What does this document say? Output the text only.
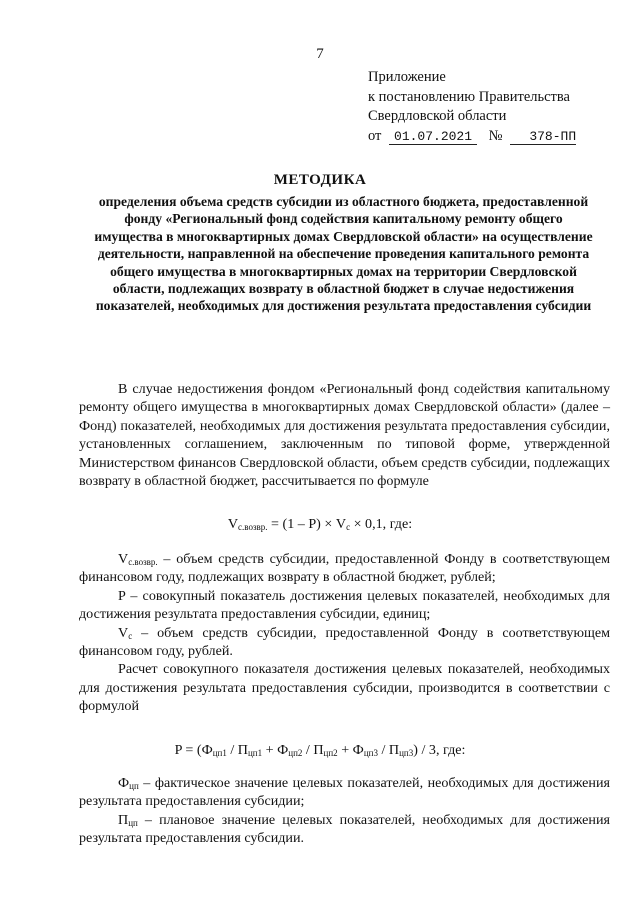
7
Приложение
к постановлению Правительства
Свердловской области
от 01.07.2021 № 378-ПП
МЕТОДИКА
определения объема средств субсидии из областного бюджета, предоставленной фонду «Региональный фонд содействия капитальному ремонту общего имущества в многоквартирных домах Свердловской области» на осуществление деятельности, направленной на обеспечение проведения капитального ремонта общего имущества в многоквартирных домах на территории Свердловской области, подлежащих возврату в областной бюджет в случае недостижения показателей, необходимых для достижения результата предоставления субсидии

В случае недостижения фондом «Региональный фонд содействия капитальному ремонту общего имущества в многоквартирных домах Свердловской области» (далее – Фонд) показателей, необходимых для достижения результата предоставления субсидии, установленных соглашением, заключенным по типовой форме, утвержденной Министерством финансов Свердловской области, объем средств субсидии, подлежащих возврату в областной бюджет, рассчитывается по формуле

$V_{с.возвр.} = (1 - P) \times V_с \times 0,1$, где:

$V_{с.возвр.}$ – объем средств субсидии, предоставленной Фонду в соответствующем финансовом году, подлежащих возврату в областной бюджет, рублей;

P – совокупный показатель достижения целевых показателей, необходимых для достижения результата предоставления субсидии, единиц;

$V_с$ – объем средств субсидии, предоставленной Фонду в соответствующем финансовом году, рублей.

Расчет совокупного показателя достижения целевых показателей, необходимых для достижения результата предоставления субсидии, производится в соответствии с формулой

$P = (Ф_{цп1} / П_{цп1} + Ф_{цп2} / П_{цп2} + Ф_{цп3} / П_{цп3}) / 3$, где:

$Ф_{цп}$ – фактическое значение целевых показателей, необходимых для достижения результата предоставления субсидии;

$П_{цп}$ – плановое значение целевых показателей, необходимых для достижения результата предоставления субсидии.
